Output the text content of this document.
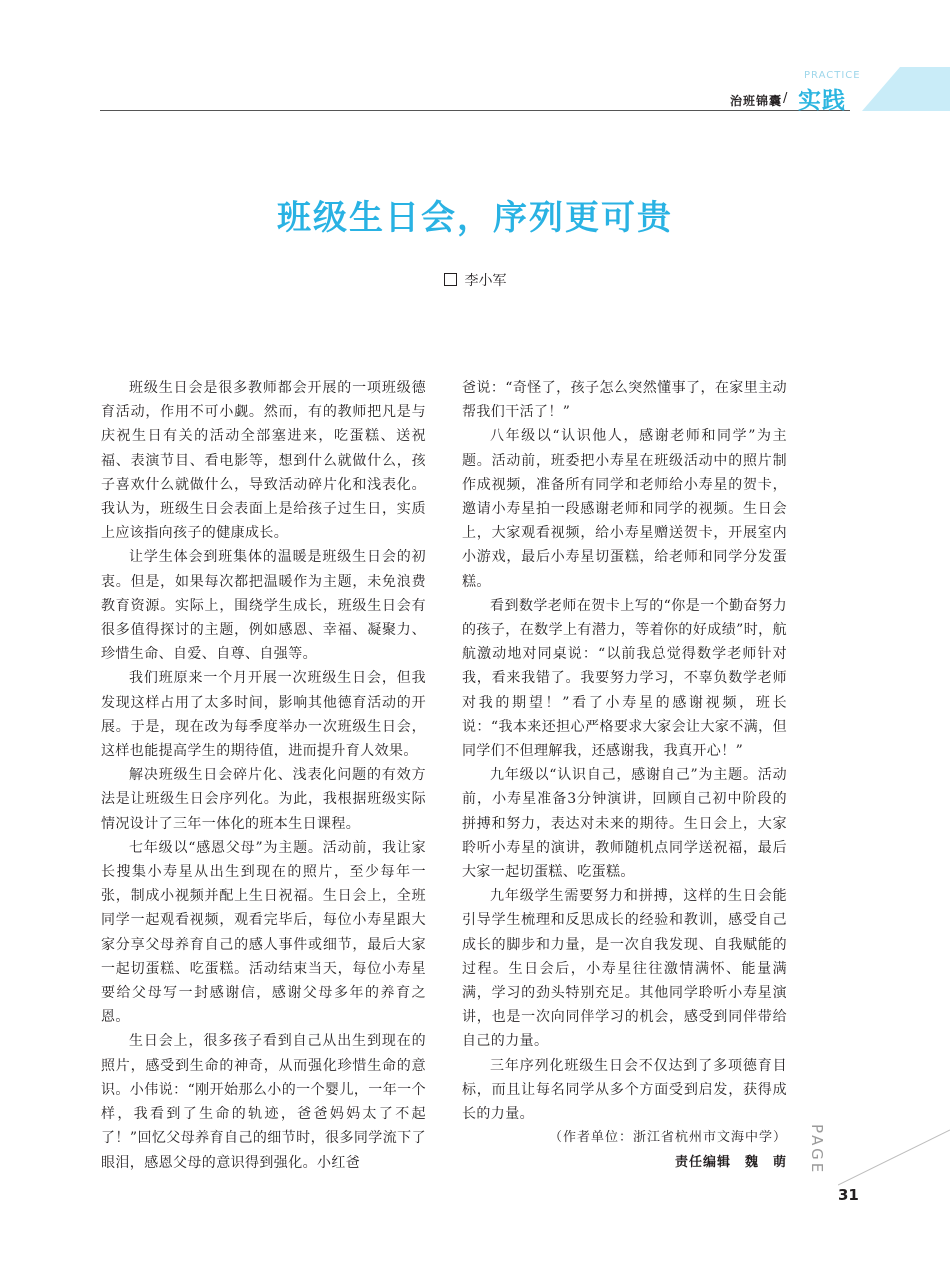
治班锦囊 /
PRACTICE
实践
班级生日会，序列更可贵
李小军

班级生日会是很多教师都会开展的一项班级德育活动，作用不可小觑。然而，有的教师把凡是与庆祝生日有关的活动全部塞进来，吃蛋糕、送祝福、表演节目、看电影等，想到什么就做什么，孩子喜欢什么就做什么，导致活动碎片化和浅表化。我认为，班级生日会表面上是给孩子过生日，实质上应该指向孩子的健康成长。

让学生体会到班集体的温暖是班级生日会的初衷。但是，如果每次都把温暖作为主题，未免浪费教育资源。实际上，围绕学生成长，班级生日会有很多值得探讨的主题，例如感恩、幸福、凝聚力、珍惜生命、自爱、自尊、自强等。

我们班原来一个月开展一次班级生日会，但我发现这样占用了太多时间，影响其他德育活动的开展。于是，现在改为每季度举办一次班级生日会，这样也能提高学生的期待值，进而提升育人效果。

解决班级生日会碎片化、浅表化问题的有效方法是让班级生日会序列化。为此，我根据班级实际情况设计了三年一体化的班本生日课程。

七年级以“感恩父母”为主题。活动前，我让家长搜集小寿星从出生到现在的照片，至少每年一张，制成小视频并配上生日祝福。生日会上，全班同学一起观看视频，观看完毕后，每位小寿星跟大家分享父母养育自己的感人事件或细节，最后大家一起切蛋糕、吃蛋糕。活动结束当天，每位小寿星要给父母写一封感谢信，感谢父母多年的养育之恩。

生日会上，很多孩子看到自己从出生到现在的照片，感受到生命的神奇，从而强化珍惜生命的意识。小伟说：“刚开始那么小的一个婴儿，一年一个样，我看到了生命的轨迹，爸爸妈妈太了不起了！”回忆父母养育自己的细节时，很多同学流下了眼泪，感恩父母的意识得到强化。小红爸

爸说：“奇怪了，孩子怎么突然懂事了，在家里主动帮我们干活了！”

八年级以“认识他人，感谢老师和同学”为主题。活动前，班委把小寿星在班级活动中的照片制作成视频，准备所有同学和老师给小寿星的贺卡，邀请小寿星拍一段感谢老师和同学的视频。生日会上，大家观看视频，给小寿星赠送贺卡，开展室内小游戏，最后小寿星切蛋糕，给老师和同学分发蛋糕。

看到数学老师在贺卡上写的“你是一个勤奋努力的孩子，在数学上有潜力，等着你的好成绩”时，航航激动地对同桌说：“以前我总觉得数学老师针对我，看来我错了。我要努力学习，不辜负数学老师对我的期望！”看了小寿星的感谢视频，班长说：“我本来还担心严格要求大家会让大家不满，但同学们不但理解我，还感谢我，我真开心！”

九年级以“认识自己，感谢自己”为主题。活动前，小寿星准备3分钟演讲，回顾自己初中阶段的拼搏和努力，表达对未来的期待。生日会上，大家聆听小寿星的演讲，教师随机点同学送祝福，最后大家一起切蛋糕、吃蛋糕。

九年级学生需要努力和拼搏，这样的生日会能引导学生梳理和反思成长的经验和教训，感受自己成长的脚步和力量，是一次自我发现、自我赋能的过程。生日会后，小寿星往往激情满怀、能量满满，学习的劲头特别充足。其他同学聆听小寿星演讲，也是一次向同伴学习的机会，感受到同伴带给自己的力量。

三年序列化班级生日会不仅达到了多项德育目标，而且让每名同学从多个方面受到启发，获得成长的力量。

（作者单位：浙江省杭州市文海中学）

责任编辑　魏　萌 PAGE
31
